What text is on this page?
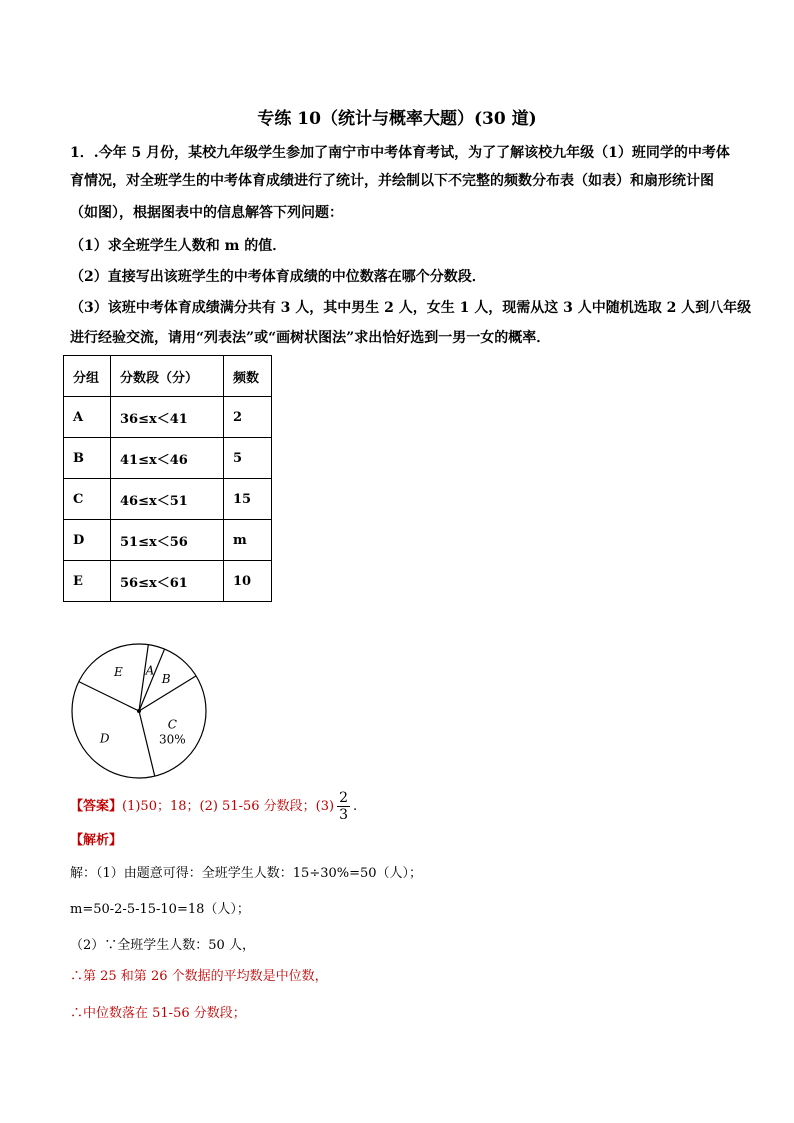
专练 10（统计与概率大题）(30 道)
1．.今年 5 月份，某校九年级学生参加了南宁市中考体育考试，为了了解该校九年级（1）班同学的中考体
育情况，对全班学生的中考体育成绩进行了统计，并绘制以下不完整的频数分布表（如表）和扇形统计图
（如图），根据图表中的信息解答下列问题：
（1）求全班学生人数和 m 的值．
（2）直接写出该班学生的中考体育成绩的中位数落在哪个分数段．
（3）该班中考体育成绩满分共有 3 人，其中男生 2 人，女生 1 人，现需从这 3 人中随机选取 2 人到八年级
进行经验交流，请用“列表法”或“画树状图法”求出恰好选到一男一女的概率．
分组	分数段（分）	频数
A	36≤x＜41	2
B	41≤x＜46	5
C	46≤x＜51	15
D	51≤x＜56	m
E	56≤x＜61	10
A
B
C
30%
D
E
【答案】(1)50；18；(2) 51-56 分数段；$(3) \frac{2}{3}$ .
【解析】
解：（1）由题意可得：全班学生人数：15÷30%=50（人）；
m=50-2-5-15-10=18（人）；
（2）∵全班学生人数：50 人，
∴第 25 和第 26 个数据的平均数是中位数，
∴中位数落在 51-56 分数段；
